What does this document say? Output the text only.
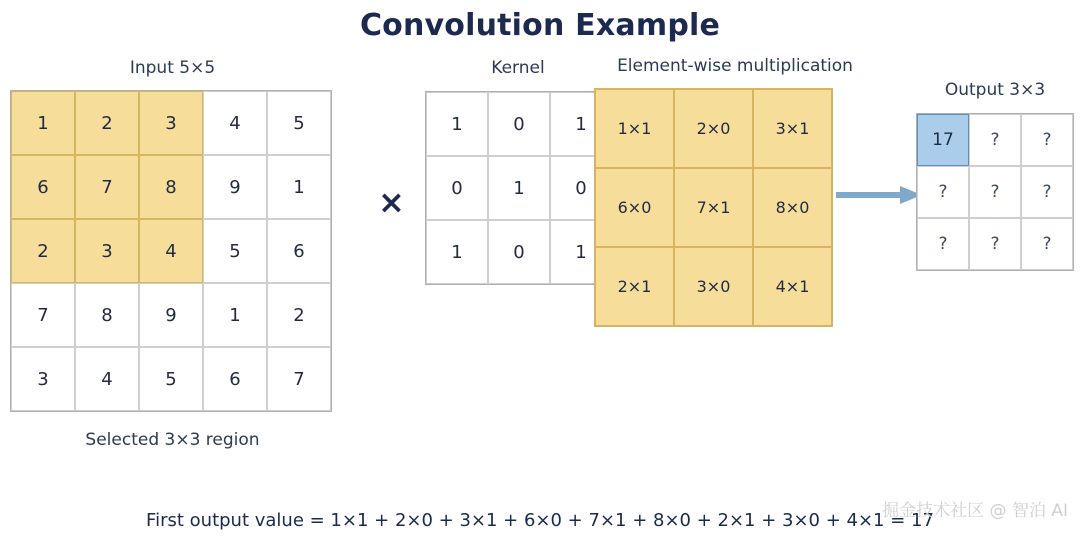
Convolution Example
Input 5×5
1	2	3	4	5
6	7	8	9	1
2	3	4	5	6
7	8	9	1	2
3	4	5	6	7
Selected 3×3 region
×
Kernel
1	0	1
0	1	0
1	0	1
Element-wise multiplication
1×1	2×0	3×1
6×0	7×1	8×0
2×1	3×0	4×1
Output 3×3
17	?	?
?	?	?
?	?	?
First output value = 1×1 + 2×0 + 3×1 + 6×0 + 7×1 + 8×0 + 2×1 + 3×0 + 4×1 = 17
掘金技术社区 @ 智泊 AI
